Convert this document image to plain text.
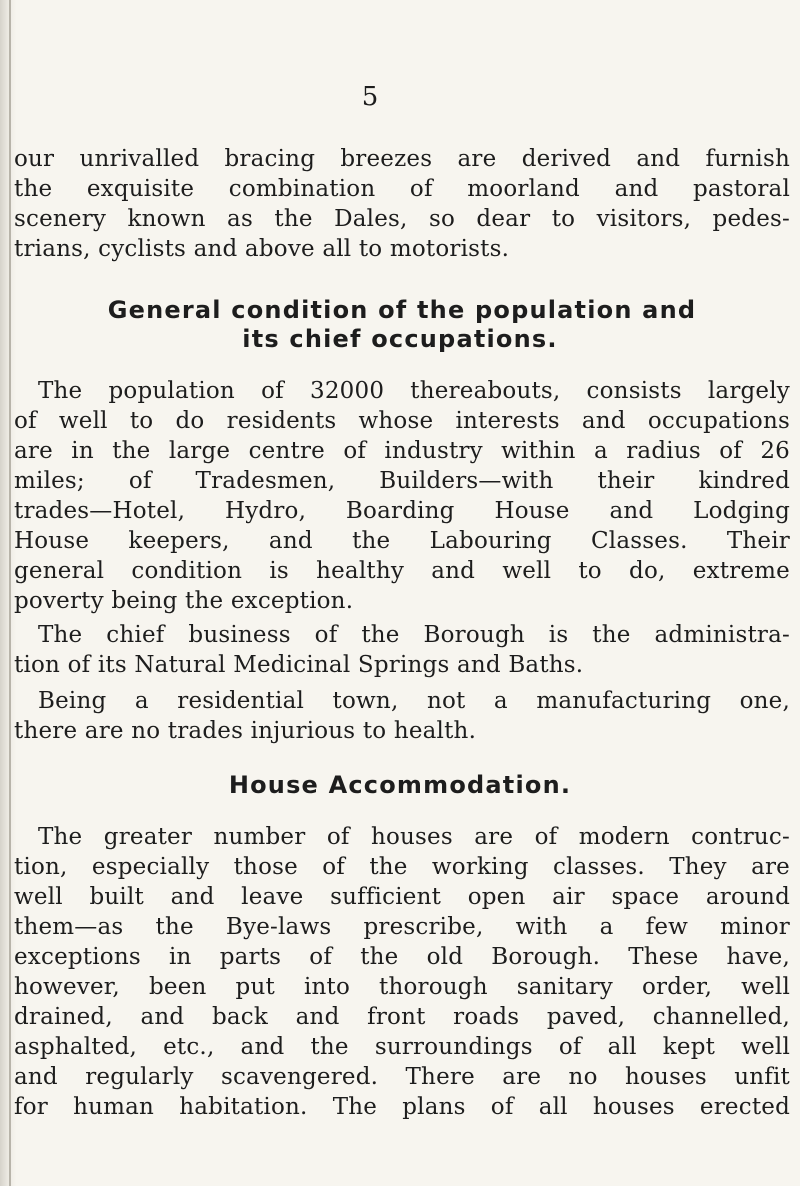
5
our unrivalled bracing breezes are derived and furnish
the exquisite combination of moorland and pastoral
scenery known as the Dales, so dear to visitors, pedes-
trians, cyclists and above all to motorists.
General condition of the population and
its chief occupations.
The population of 32000 thereabouts, consists largely
of well to do residents whose interests and occupations
are in the large centre of industry within a radius of 26
miles; of Tradesmen, Builders—with their kindred
trades—Hotel, Hydro, Boarding House and Lodging
House keepers, and the Labouring Classes. Their
general condition is healthy and well to do, extreme
poverty being the exception.
The chief business of the Borough is the administra-
tion of its Natural Medicinal Springs and Baths.
Being a residential town, not a manufacturing one,
there are no trades injurious to health.
House Accommodation.
The greater number of houses are of modern contruc-
tion, especially those of the working classes. They are
well built and leave sufficient open air space around
them—as the Bye-laws prescribe, with a few minor
exceptions in parts of the old Borough. These have,
however, been put into thorough sanitary order, well
drained, and back and front roads paved, channelled,
asphalted, etc., and the surroundings of all kept well
and regularly scavengered. There are no houses unfit
for human habitation. The plans of all houses erected
